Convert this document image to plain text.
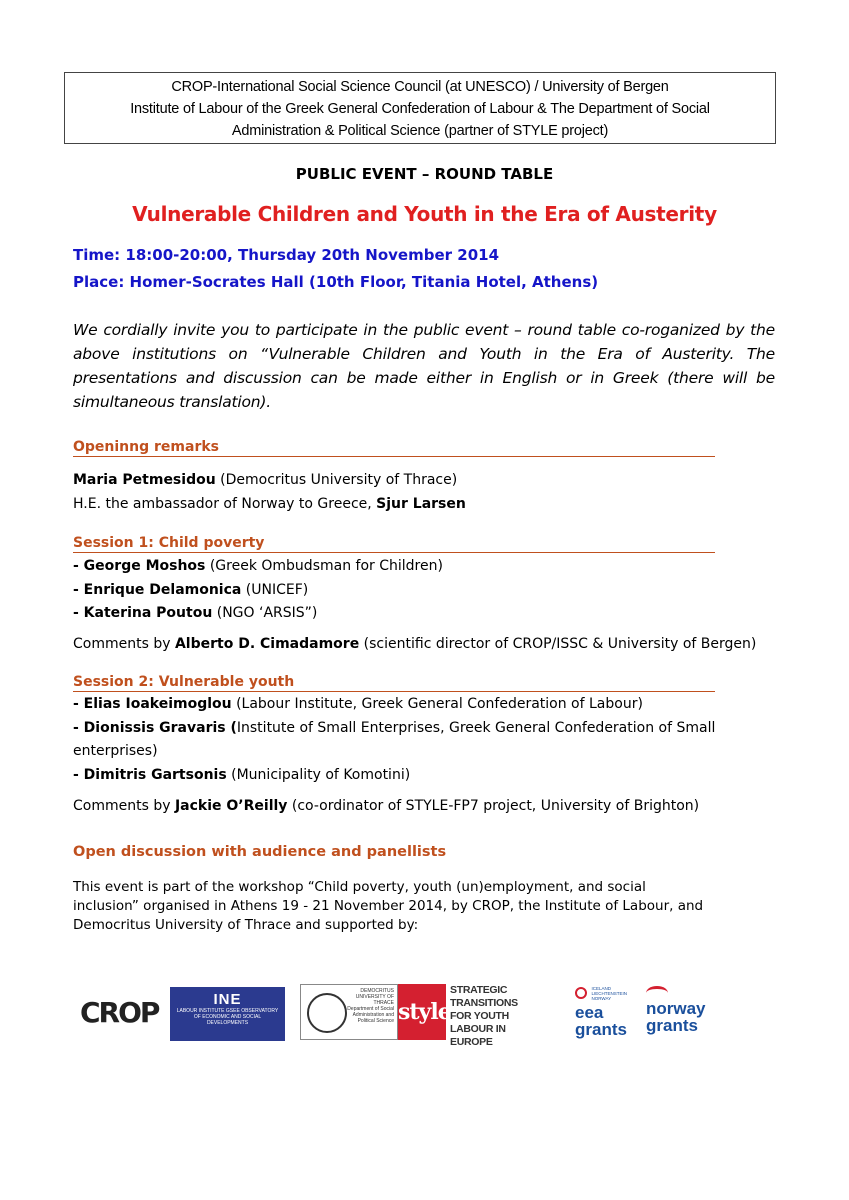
CROP-International Social Science Council (at UNESCO) / University of Bergen
Institute of Labour of the Greek General Confederation of Labour & The Department of Social
Administration & Political Science (partner of STYLE project)
PUBLIC EVENT – ROUND TABLE
Vulnerable Children and Youth in the Era of Austerity
Time: 18:00-20:00, Thursday 20th November 2014
Place: Homer-Socrates Hall (10th Floor, Titania Hotel, Athens)
We cordially invite you to participate in the public event – round table co-roganized by the above institutions on “Vulnerable Children and Youth in the Era of Austerity. The presentations and discussion can be made either in English or in Greek (there will be simultaneous translation).
Openinng remarks
Maria Petmesidou (Democritus University of Thrace)
H.E. the ambassador of Norway to Greece, Sjur Larsen
Session 1: Child poverty
- George Moshos (Greek Ombudsman for Children)
- Enrique Delamonica (UNICEF)
- Katerina Poutou (NGO ‘ARSIS”)
Comments by Alberto D. Cimadamore (scientific director of CROP/ISSC & University of Bergen)
Session 2: Vulnerable youth
- Elias Ioakeimoglou (Labour Institute, Greek General Confederation of Labour)
- Dionissis Gravaris (Institute of Small Enterprises, Greek General Confederation of Small
enterprises)
- Dimitris Gartsonis (Municipality of Komotini)
Comments by Jackie O’Reilly (co-ordinator of STYLE-FP7 project, University of Brighton)
Open discussion with audience and panellists
This event is part of the workshop “Child poverty, youth (un)employment, and social inclusion” organised in Athens 19 - 21 November 2014, by CROP, the Institute of Labour, and Democritus University of Thrace and supported by:
CROP	INE
LABOUR INSTITUTE GSEE OBSERVATORY OF ECONOMIC AND SOCIAL DEVELOPMENTS
DEMOCRITUS UNIVERSITY OF THRACE Department of Social Administration and Political Science style
STRATEGIC TRANSITIONS FOR YOUTH LABOUR IN EUROPE
ICELAND LIECHTENSTEIN NORWAY
eea
grants
norway
grants
